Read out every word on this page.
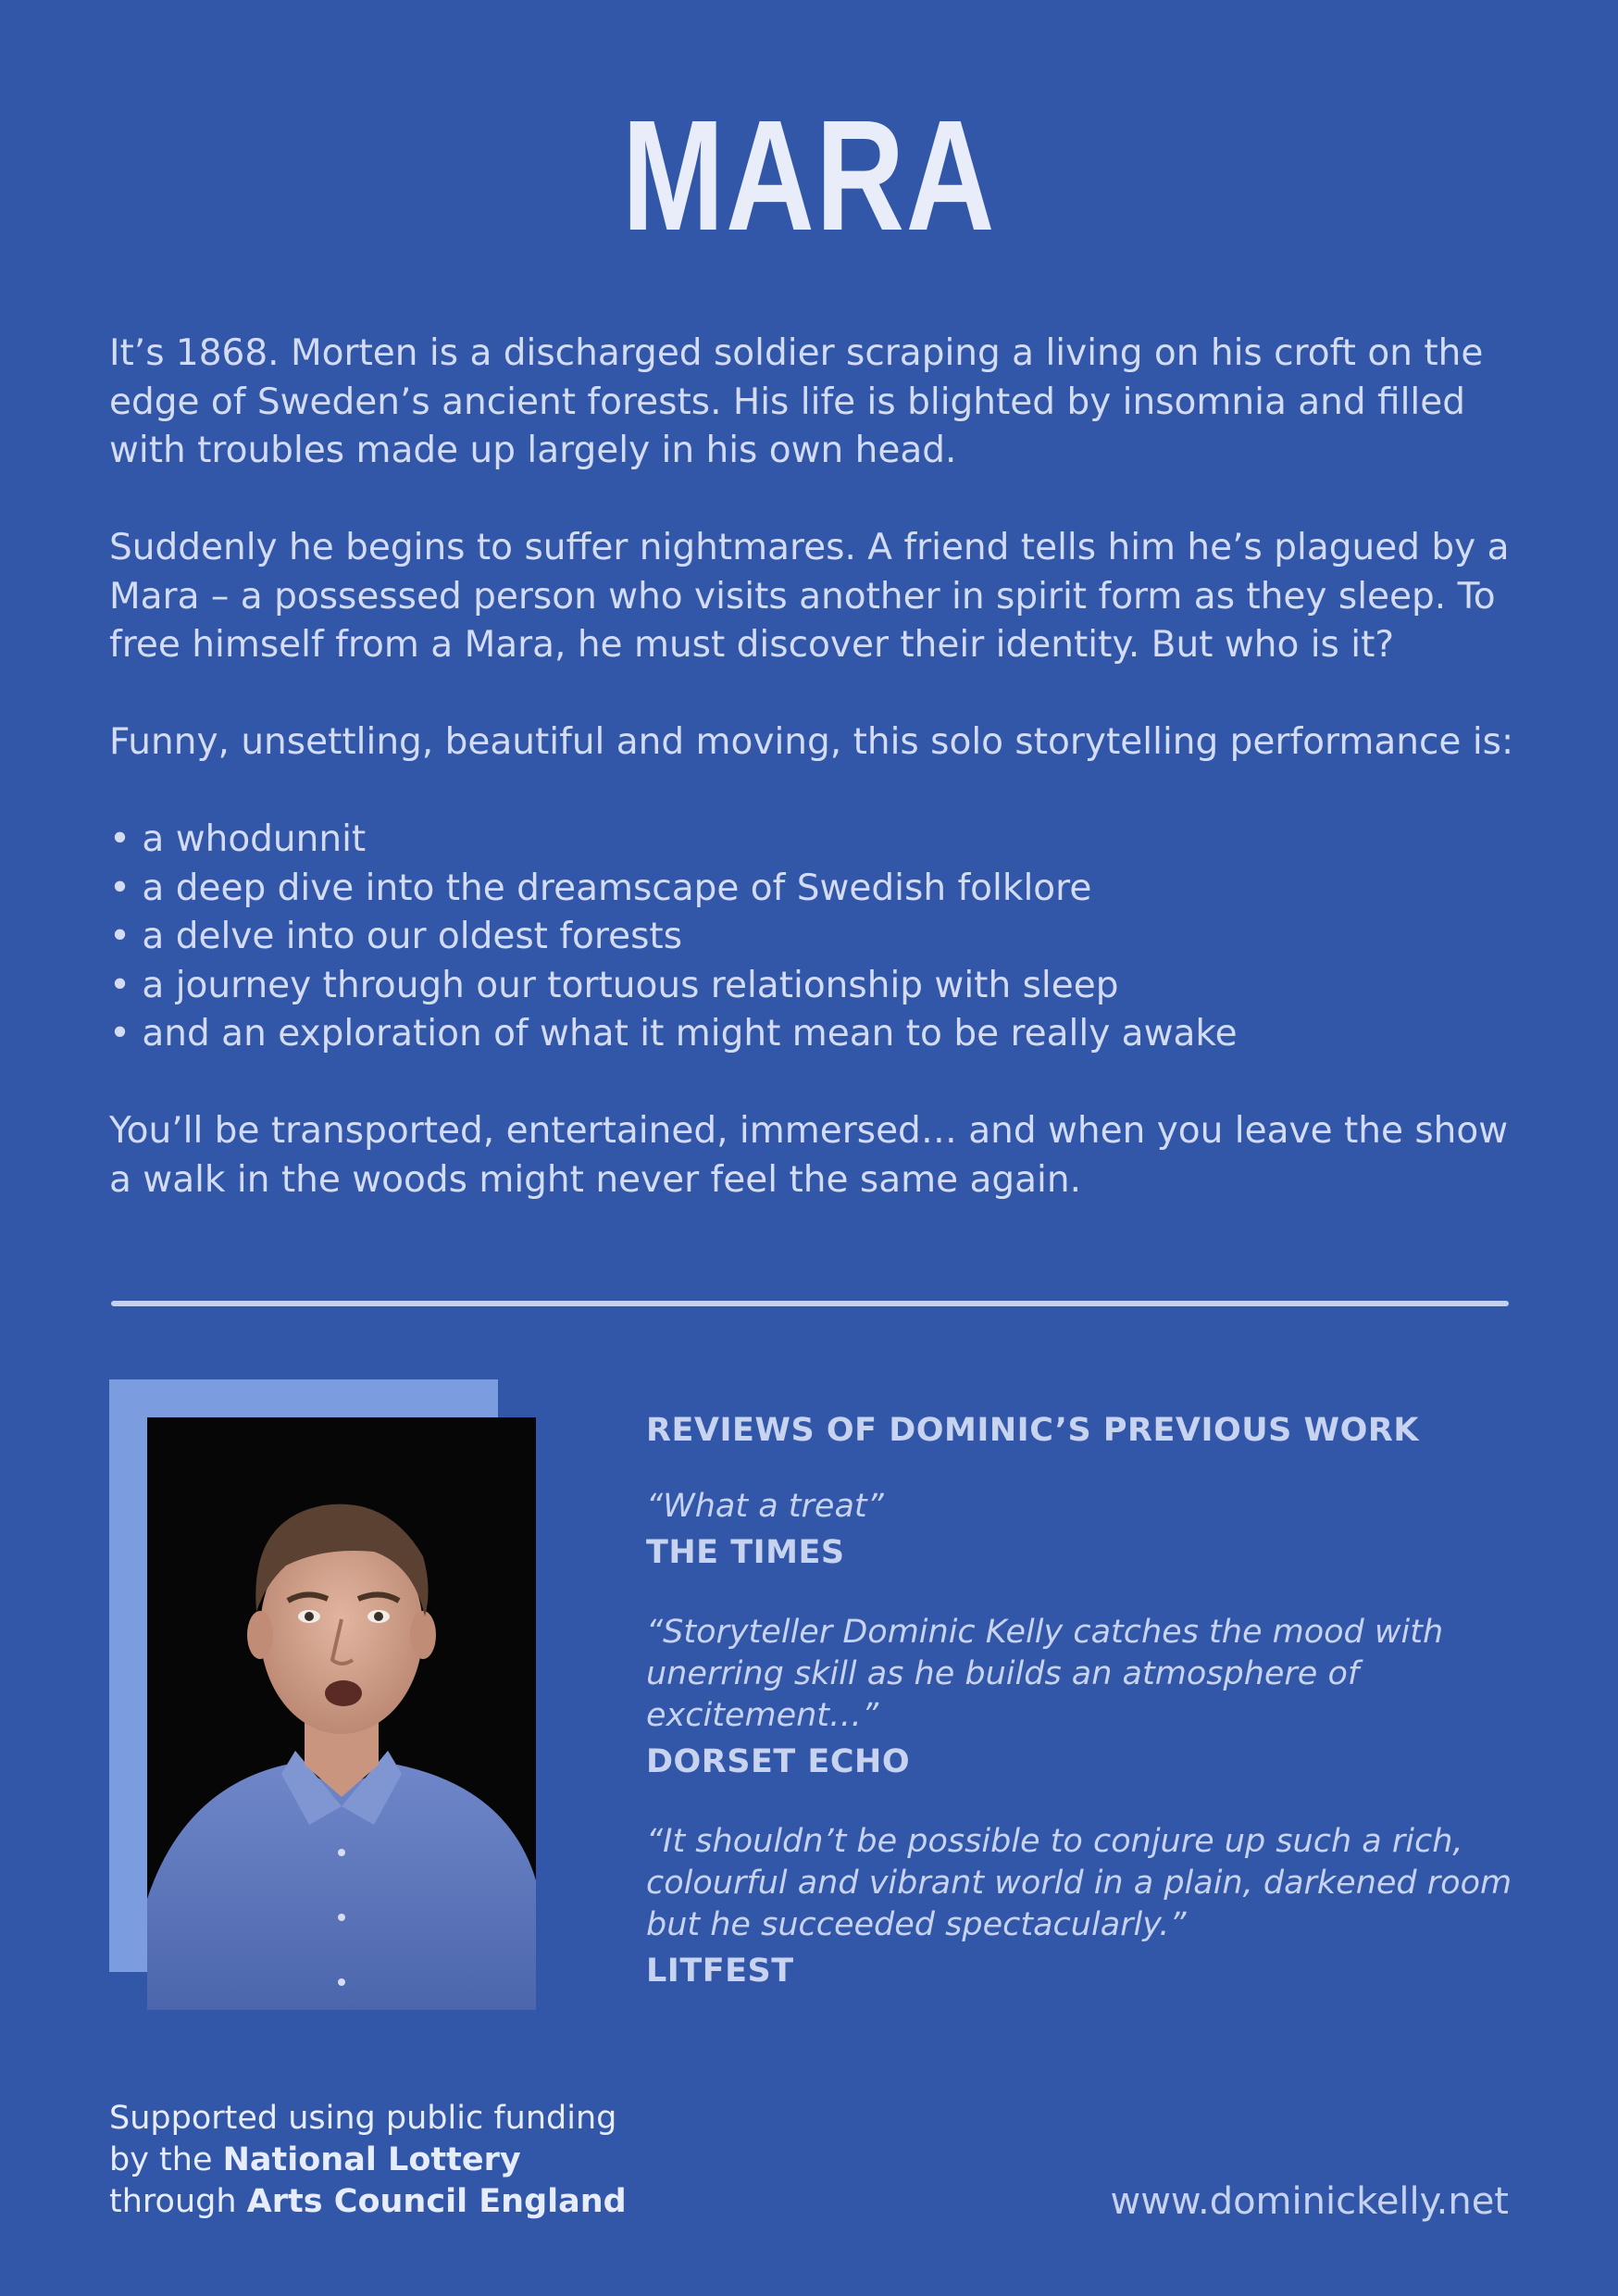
MARA

It’s 1868. Morten is a discharged soldier scraping a living on his croft on the edge of Sweden’s ancient forests. His life is blighted by insomnia and filled with troubles made up largely in his own head.

Suddenly he begins to suffer nightmares. A friend tells him he’s plagued by a Mara – a possessed person who visits another in spirit form as they sleep. To free himself from a Mara, he must discover their identity. But who is it?

Funny, unsettling, beautiful and moving, this solo storytelling performance is:

• a whodunnit
• a deep dive into the dreamscape of Swedish folklore
• a delve into our oldest forests
• a journey through our tortuous relationship with sleep
• and an exploration of what it might mean to be really awake

You’ll be transported, entertained, immersed… and when you leave the show a walk in the woods might never feel the same again.

REVIEWS OF DOMINIC’S PREVIOUS WORK
“What a treat”
THE TIMES
“Storyteller Dominic Kelly catches the mood with unerring skill as he builds an atmosphere of excitement…”
DORSET ECHO
“It shouldn’t be possible to conjure up such a rich, colourful and vibrant world in a plain, darkened room but he succeeded spectacularly.”
LITFEST
Supported using public funding
by the National Lottery
through Arts Council England	www.dominickelly.net
